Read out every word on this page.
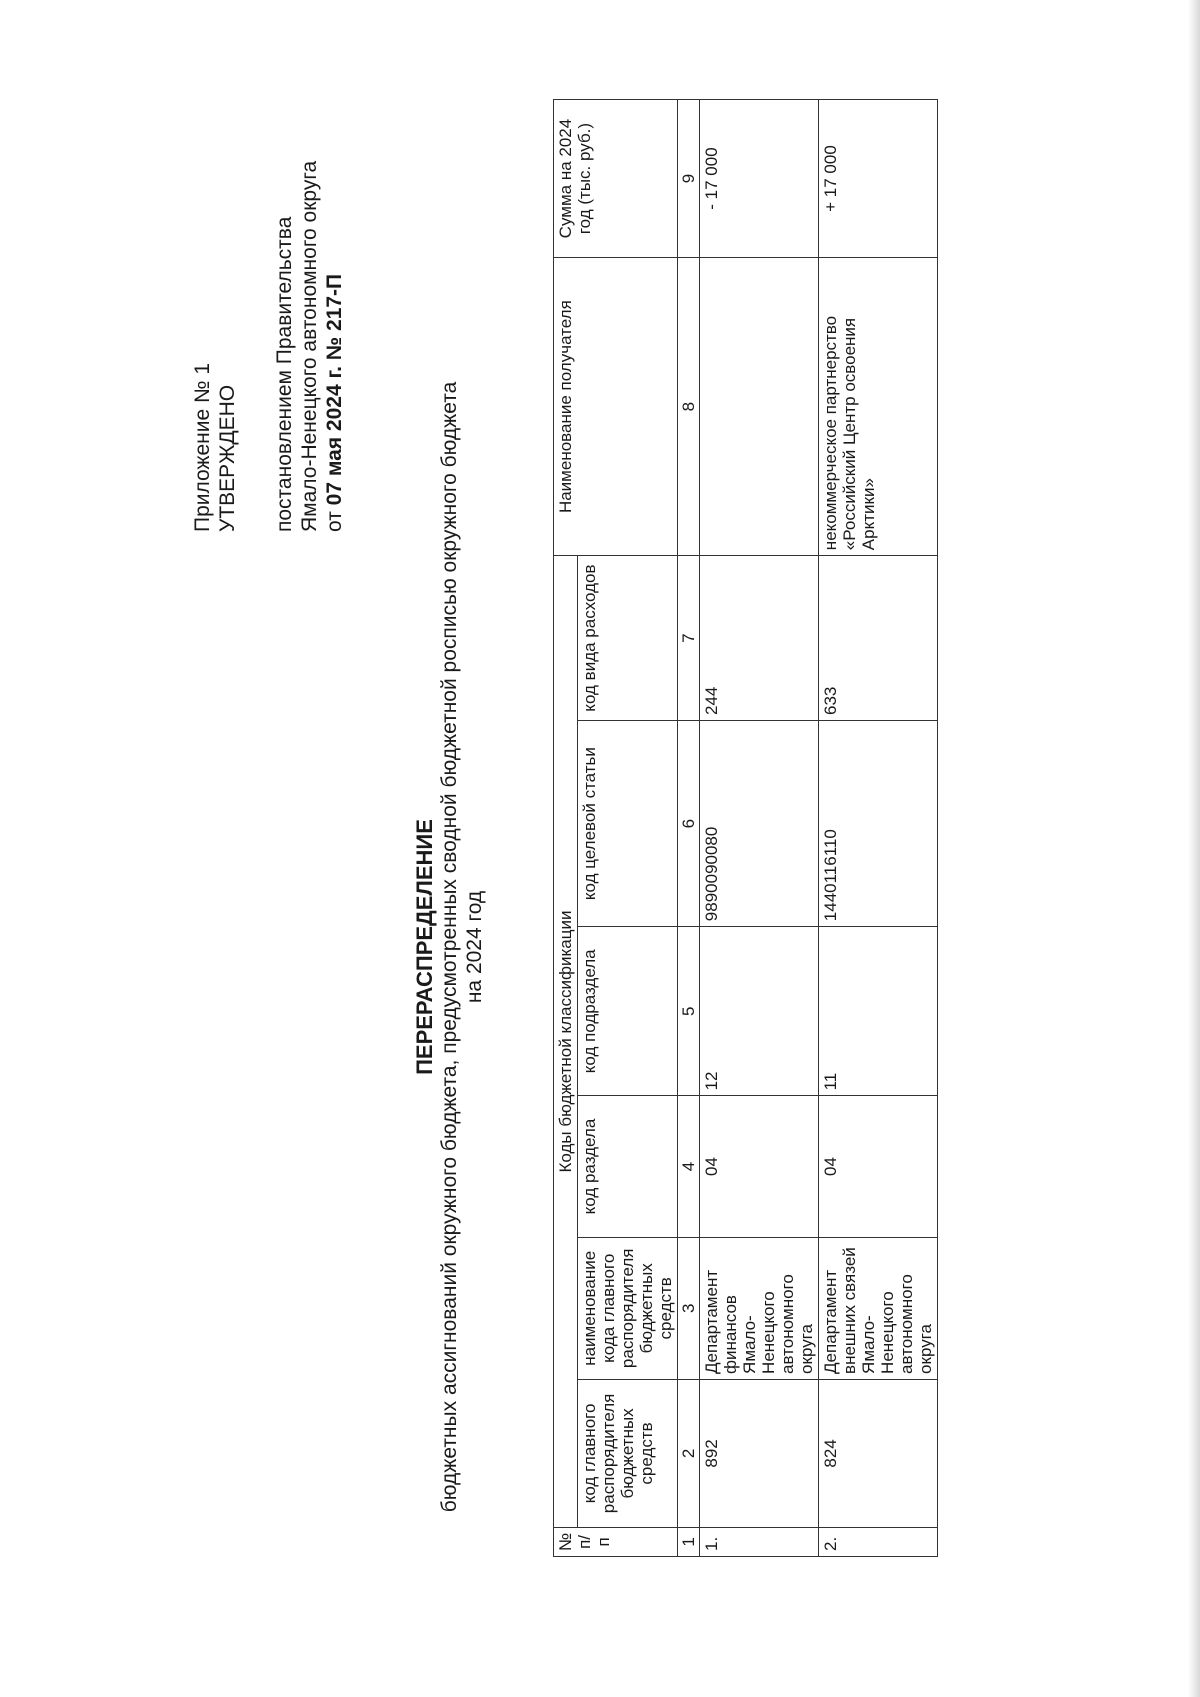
Приложение № 1 УТВЕРЖДЕНО постановлением Правительства Ямало-Ненецкого автономного округа от 07 мая 2024 г. № 217-П

ПЕРЕРАСПРЕДЕЛЕНИЕ бюджетных ассигнований окружного бюджета, предусмотренных сводной бюджетной росписью окружного бюджета на 2024 год
№ п/п	Коды бюджетной классификации						Наименование получателя	Сумма на 2024 год (тыс. руб.)
	код главного распорядителя бюджетных средств	наименование кода главного распорядителя бюджетных средств	код раздела	код подраздела	код целевой статьи	код вида расходов		
1	2	3	4	5	6	7	8	9
1.	892	Департамент финансов Ямало-Ненецкого автономного округа	04	12	9890090080	244		- 17 000
2.	824	Департамент внешних связей Ямало-Ненецкого автономного округа	04	11	1440116110	633	некоммерческое партнерство «Российский Центр освоения Арктики»	+ 17 000
